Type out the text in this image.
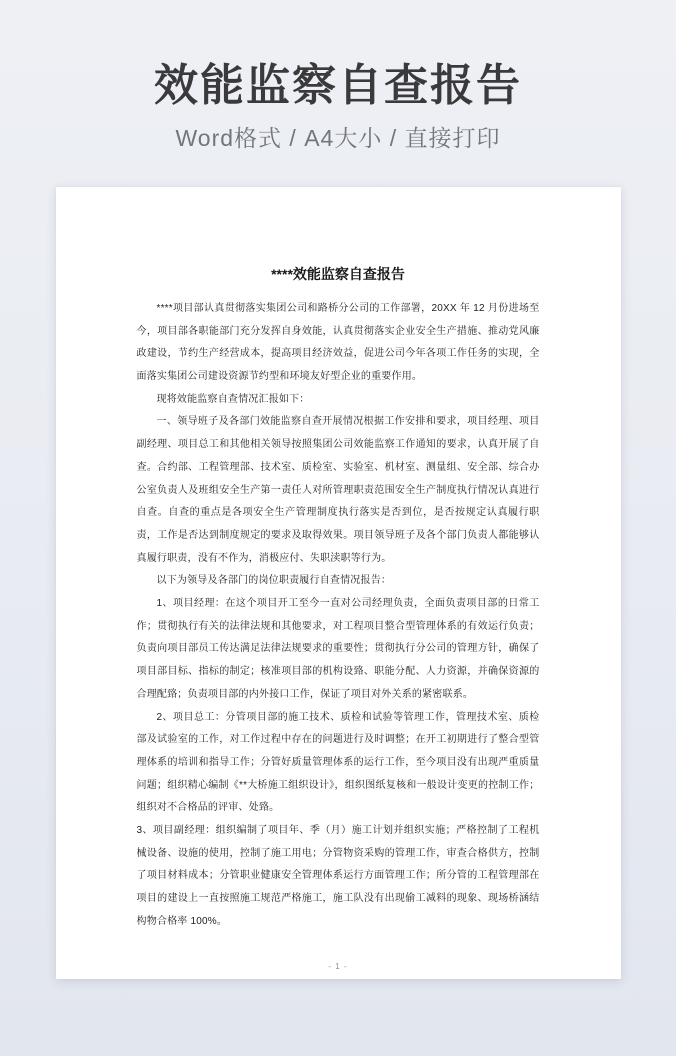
效能监察自查报告
Word格式 / A4大小 / 直接打印
****效能监察自查报告

****项目部认真贯彻落实集团公司和路桥分公司的工作部署，20XX 年 12 月份进场至今，项目部各职能部门充分发挥自身效能，认真贯彻落实企业安全生产措施、推动党风廉政建设，节约生产经营成本，提高项目经济效益，促进公司今年各项工作任务的实现，全面落实集团公司建设资源节约型和环境友好型企业的重要作用。

现将效能监察自查情况汇报如下：

一、领导班子及各部门效能监察自查开展情况根据工作安排和要求，项目经理、项目副经理、项目总工和其他相关领导按照集团公司效能监察工作通知的要求，认真开展了自查。合约部、工程管理部、技术室、质检室、实验室、机材室、测量组、安全部、综合办公室负责人及班组安全生产第一责任人对所管理职责范围安全生产制度执行情况认真进行自查。自查的重点是各项安全生产管理制度执行落实是否到位，是否按规定认真履行职责，工作是否达到制度规定的要求及取得效果。项目领导班子及各个部门负责人都能够认真履行职责，没有不作为，消极应付、失职渎职等行为。

以下为领导及各部门的岗位职责履行自查情况报告：

1、项目经理：在这个项目开工至今一直对公司经理负责，全面负责项目部的日常工作；贯彻执行有关的法律法规和其他要求，对工程项目整合型管理体系的有效运行负责；负责向项目部员工传达满足法律法规要求的重要性；贯彻执行分公司的管理方针，确保了项目部目标、指标的制定；核准项目部的机构设臵、职能分配、人力资源，并确保资源的合理配臵；负责项目部的内外接口工作，保证了项目对外关系的紧密联系。

2、项目总工：分管项目部的施工技术、质检和试验等管理工作，管理技术室、质检部及试验室的工作，对工作过程中存在的问题进行及时调整；在开工初期进行了整合型管理体系的培训和指导工作；分管好质量管理体系的运行工作，至今项目没有出现严重质量问题；组织精心编制《**大桥施工组织设计》，组织图纸复核和一般设计变更的控制工作；组织对不合格品的评审、处臵。

3、项目副经理：组织编制了项目年、季（月）施工计划并组织实施；严格控制了工程机械设备、设施的使用，控制了施工用电；分管物资采购的管理工作，审查合格供方，控制了项目材料成本；分管职业健康安全管理体系运行方面管理工作；所分管的工程管理部在项目的建设上一直按照施工规范严格施工，施工队没有出现偷工减料的现象、现场桥涵结构物合格率 100%。

- 1 -
